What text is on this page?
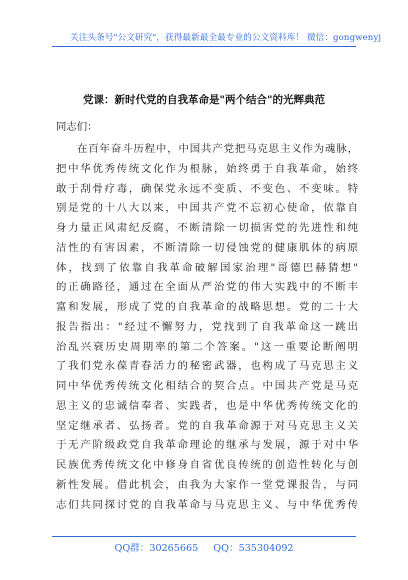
关注头条号"公文研究"，获得最新最全最专业的公文资料库！ 微信：gongwenyj
党课：新时代党的自我革命是"两个结合"的光辉典范
同志们：
在百年奋斗历程中，中国共产党把马克思主义作为魂脉，
把中华优秀传统文化作为根脉，始终勇于自我革命，始终
敢于刮骨疗毒，确保党永远不变质、不变色、不变味。特
别是党的十八大以来，中国共产党不忘初心使命，依靠自
身力量正风肃纪反腐，不断清除一切损害党的先进性和纯
洁性的有害因素，不断清除一切侵蚀党的健康肌体的病原
体，找到了依靠自我革命破解国家治理"哥德巴赫猜想"
的正确路径，通过在全面从严治党的伟大实践中的不断丰
富和发展，形成了党的自我革命的战略思想。党的二十大
报告指出："经过不懈努力，党找到了自我革命这一跳出
治乱兴衰历史周期率的第二个答案。"这一重要论断阐明
了我们党永葆青春活力的秘密武器，也构成了马克思主义
同中华优秀传统文化相结合的契合点。中国共产党是马克
思主义的忠诚信奉者、实践者，也是中华优秀传统文化的
坚定继承者、弘扬者。党的自我革命源于对马克思主义关
于无产阶级政党自我革命理论的继承与发展，源于对中华
民族优秀传统文化中修身自省优良传统的创造性转化与创
新性发展。借此机会，由我为大家作一堂党课报告，与同
志们共同探讨党的自我革命与马克思主义、与中华优秀传
QQ群：30265665 QQ：535304092
